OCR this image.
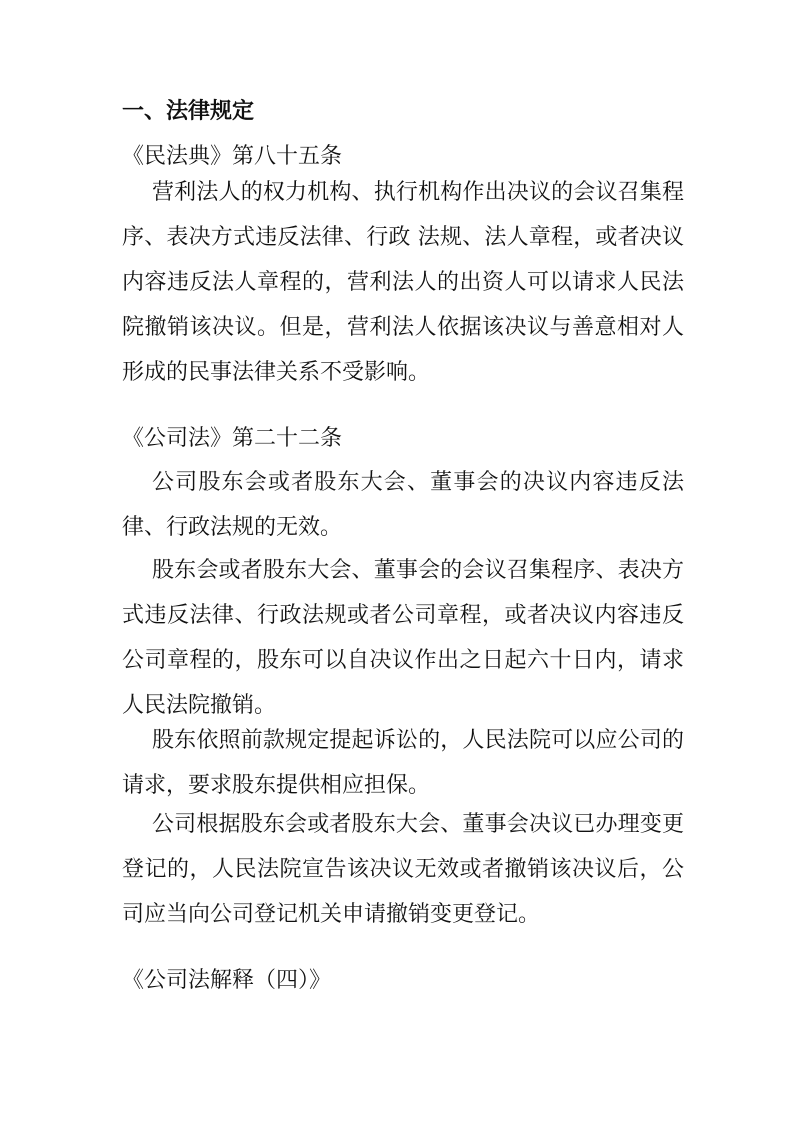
一、法律规定
《民法典》第八十五条

营利法人的权力机构、执行机构作出决议的会议召集程序、表决方式违反法律、行政 法规、法人章程，或者决议内容违反法人章程的，营利法人的出资人可以请求人民法院撤销该决议。但是，营利法人依据该决议与善意相对人形成的民事法律关系不受影响。

《公司法》第二十二条

公司股东会或者股东大会、董事会的决议内容违反法律、行政法规的无效。

股东会或者股东大会、董事会的会议召集程序、表决方式违反法律、行政法规或者公司章程，或者决议内容违反公司章程的，股东可以自决议作出之日起六十日内，请求人民法院撤销。

股东依照前款规定提起诉讼的，人民法院可以应公司的请求，要求股东提供相应担保。

公司根据股东会或者股东大会、董事会决议已办理变更登记的，人民法院宣告该决议无效或者撤销该决议后，公司应当向公司登记机关申请撤销变更登记。

《公司法解释（四）》
